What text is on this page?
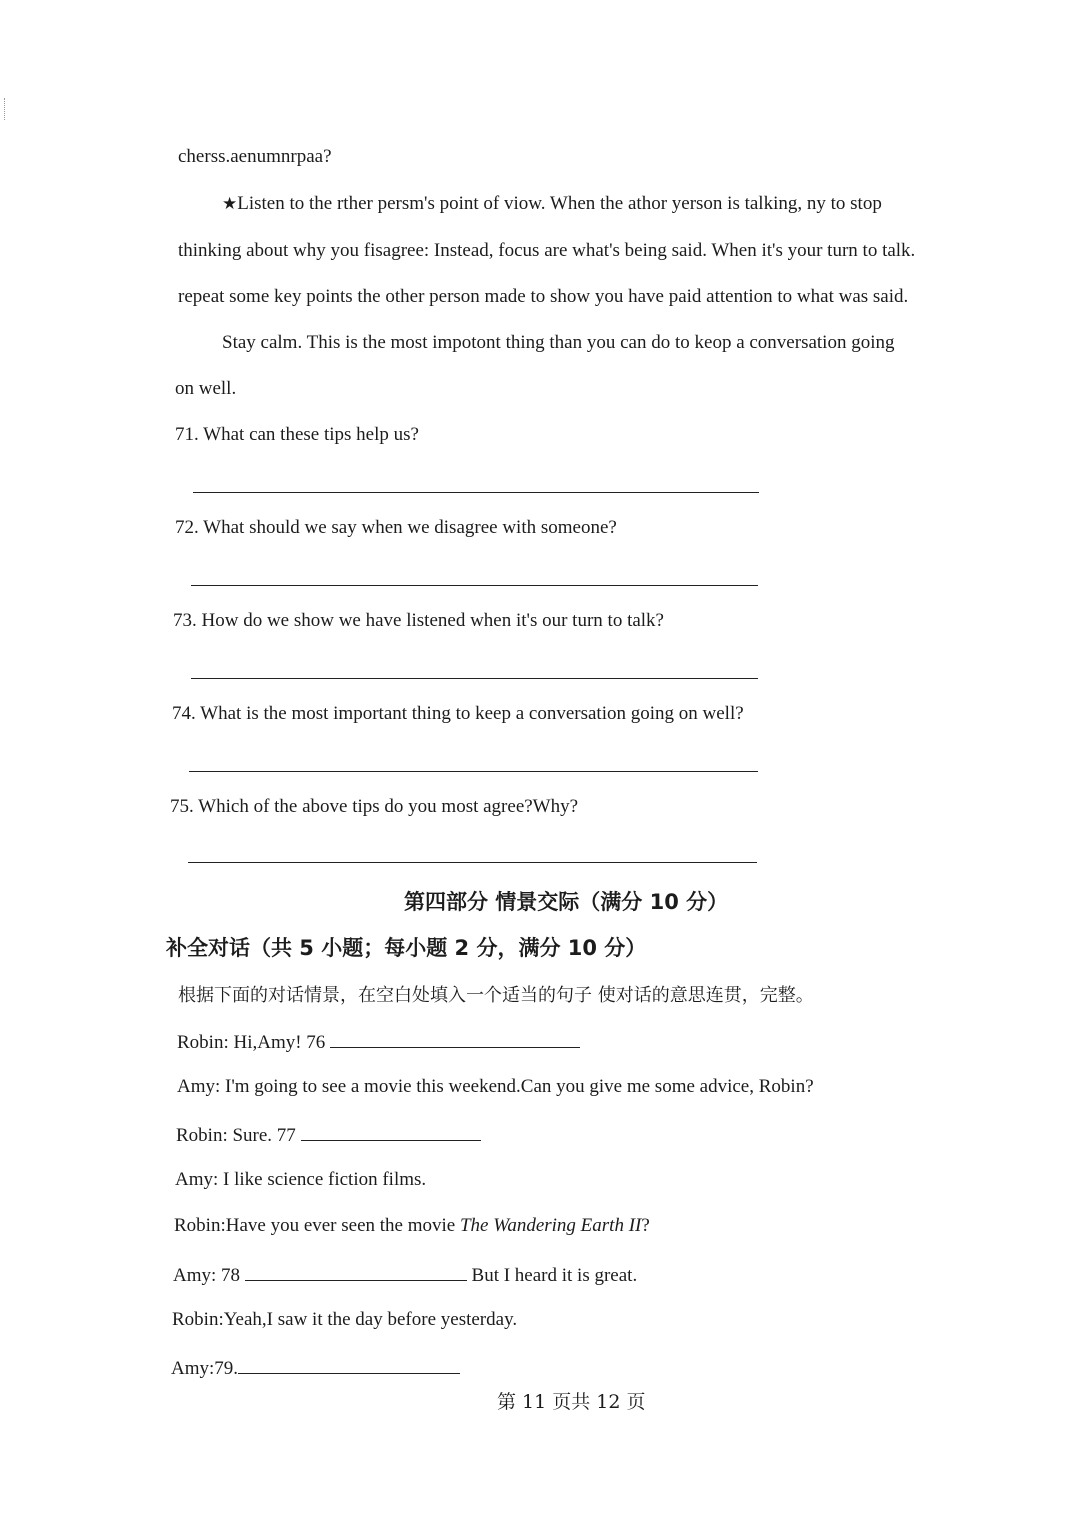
cherss.aenumnrpaa?
★Listen to the rther persm's point of viow. When the athor yerson is talking, ny to stop
thinking about why you fisagree: Instead, focus are what's being said. When it's your turn to talk.
repeat some key points the other person made to show you have paid attention to what was said.
Stay calm. This is the most impotont thing than you can do to keop a conversation going
on well.
71. What can these tips help us?
72. What should we say when we disagree with someone?
73. How do we show we have listened when it's our turn to talk?
74. What is the most important thing to keep a conversation going on well?
75. Which of the above tips do you most agree?Why?
第四部分 情景交际（满分 10 分）
补全对话（共 5 小题；每小题 2 分，满分 10 分）
根据下面的对话情景，在空白处填入一个适当的句子 使对话的意思连贯，完整。
Robin: Hi,Amy! 76
Amy: I'm going to see a movie this weekend.Can you give me some advice, Robin?
Robin: Sure. 77
Amy: I like science fiction films.
Robin:Have you ever seen the movie The Wandering Earth II?
Amy: 78	But I heard it is great.
Robin:Yeah,I saw it the day before yesterday.
Amy:79.
第 11 页共 12 页
